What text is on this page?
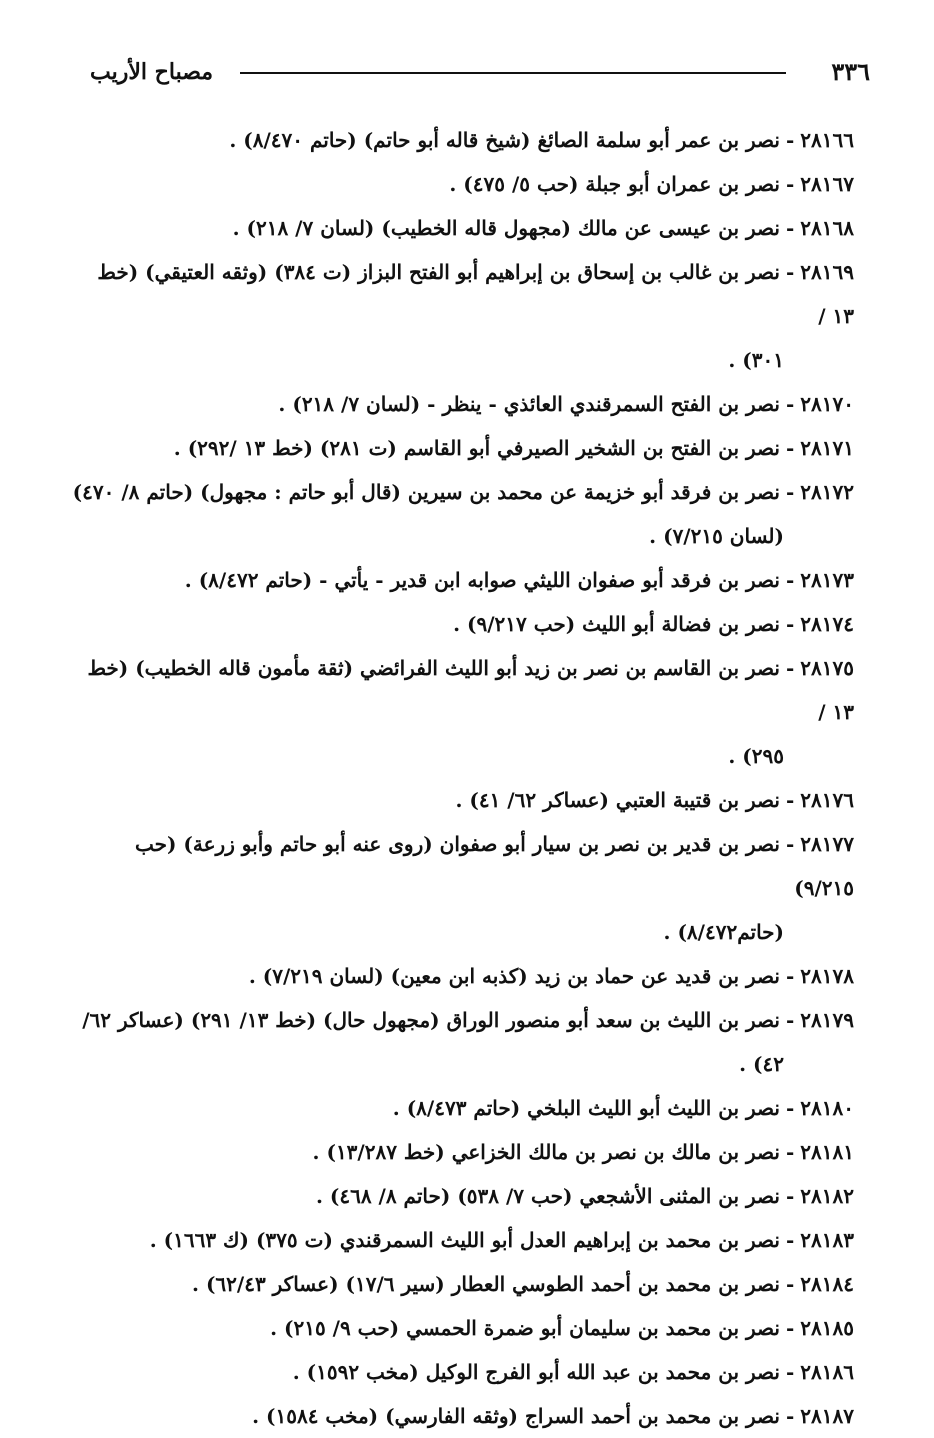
٣٣٦
مصباح الأريب
٢٨١٦٦-نصر بن عمر أبو سلمة الصائغ (شيخ قاله أبو حاتم) (حاتم ٨/٤٧٠) .
٢٨١٦٧-نصر بن عمران أبو جبلة (حب ٥/ ٤٧٥) .
٢٨١٦٨-نصر بن عيسى عن مالك (مجهول قاله الخطيب) (لسان ٧/ ٢١٨) .
٢٨١٦٩-نصر بن غالب بن إسحاق بن إبراهيم أبو الفتح البزاز (ت ٣٨٤) (وثقه العتيقي) (خط ١٣ /
٣٠١) .
٢٨١٧٠-نصر بن الفتح السمرقندي العائذي - ينظر - (لسان ٧/ ٢١٨) .
٢٨١٧١-نصر بن الفتح بن الشخير الصيرفي أبو القاسم (ت ٢٨١) (خط ١٣ /٢٩٢) .
٢٨١٧٢-نصر بن فرقد أبو خزيمة عن محمد بن سيرين (قال أبو حاتم : مجهول) (حاتم ٨/ ٤٧٠)
(لسان ٧/٢١٥) .
٢٨١٧٣-نصر بن فرقد أبو صفوان الليثي صوابه ابن قدير - يأتي - (حاتم ٨/٤٧٢) .
٢٨١٧٤-نصر بن فضالة أبو الليث (حب ٩/٢١٧) .
٢٨١٧٥-نصر بن القاسم بن نصر بن زيد أبو الليث الفرائضي (ثقة مأمون قاله الخطيب) (خط ١٣ /
٢٩٥) .
٢٨١٧٦-نصر بن قتيبة العتبي (عساكر ٦٢/ ٤١) .
٢٨١٧٧-نصر بن قدير بن نصر بن سيار أبو صفوان (روى عنه أبو حاتم وأبو زرعة) (حب ٩/٢١٥)
(حاتم٨/٤٧٢) .
٢٨١٧٨-نصر بن قديد عن حماد بن زيد (كذبه ابن معين) (لسان ٧/٢١٩) .
٢٨١٧٩-نصر بن الليث بن سعد أبو منصور الوراق (مجهول حال) (خط ١٣/ ٢٩١) (عساكر ٦٢/
٤٢) .
٢٨١٨٠-نصر بن الليث أبو الليث البلخي (حاتم ٨/٤٧٣) .
٢٨١٨١-نصر بن مالك بن نصر بن مالك الخزاعي (خط ١٣/٢٨٧) .
٢٨١٨٢-نصر بن المثنى الأشجعي (حب ٧/ ٥٣٨) (حاتم ٨/ ٤٦٨) .
٢٨١٨٣-نصر بن محمد بن إبراهيم العدل أبو الليث السمرقندي (ت ٣٧٥) (ك ١٦٦٣) .
٢٨١٨٤-نصر بن محمد بن أحمد الطوسي العطار (سير ١٧/٦) (عساكر ٦٢/٤٣) .
٢٨١٨٥-نصر بن محمد بن سليمان أبو ضمرة الحمسي (حب ٩/ ٢١٥) .
٢٨١٨٦-نصر بن محمد بن عبد الله أبو الفرج الوكيل (مخب ١٥٩٢) .
٢٨١٨٧-نصر بن محمد بن أحمد السراج (وثقه الفارسي) (مخب ١٥٨٤) .
